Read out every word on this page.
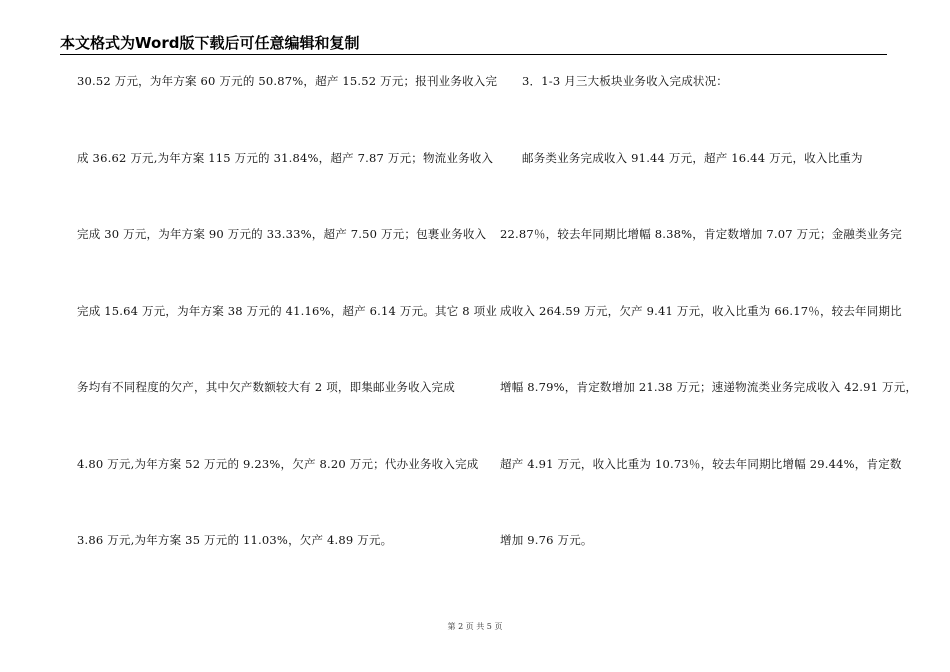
本文格式为Word版下载后可任意编辑和复制
30.52 万元，为年方案 60 万元的 50.87%，超产 15.52 万元；报刊业务收入完
成 36.62 万元,为年方案 115 万元的 31.84%，超产 7.87 万元；物流业务收入
完成 30 万元，为年方案 90 万元的 33.33%，超产 7.50 万元；包裹业务收入
完成 15.64 万元，为年方案 38 万元的 41.16%，超产 6.14 万元。其它 8 项业
务均有不同程度的欠产，其中欠产数额较大有 2 项，即集邮业务收入完成
4.80 万元,为年方案 52 万元的 9.23%，欠产 8.20 万元；代办业务收入完成
3.86 万元,为年方案 35 万元的 11.03%，欠产 4.89 万元。
3．1-3 月三大板块业务收入完成状况：
邮务类业务完成收入 91.44 万元，超产 16.44 万元，收入比重为
22.87％，较去年同期比增幅 8.38%，肯定数增加 7.07 万元；金融类业务完
成收入 264.59 万元，欠产 9.41 万元，收入比重为 66.17％，较去年同期比
增幅 8.79%，肯定数增加 21.38 万元；速递物流类业务完成收入 42.91 万元，
超产 4.91 万元，收入比重为 10.73％，较去年同期比增幅 29.44%，肯定数
增加 9.76 万元。
第 2 页 共 5 页
